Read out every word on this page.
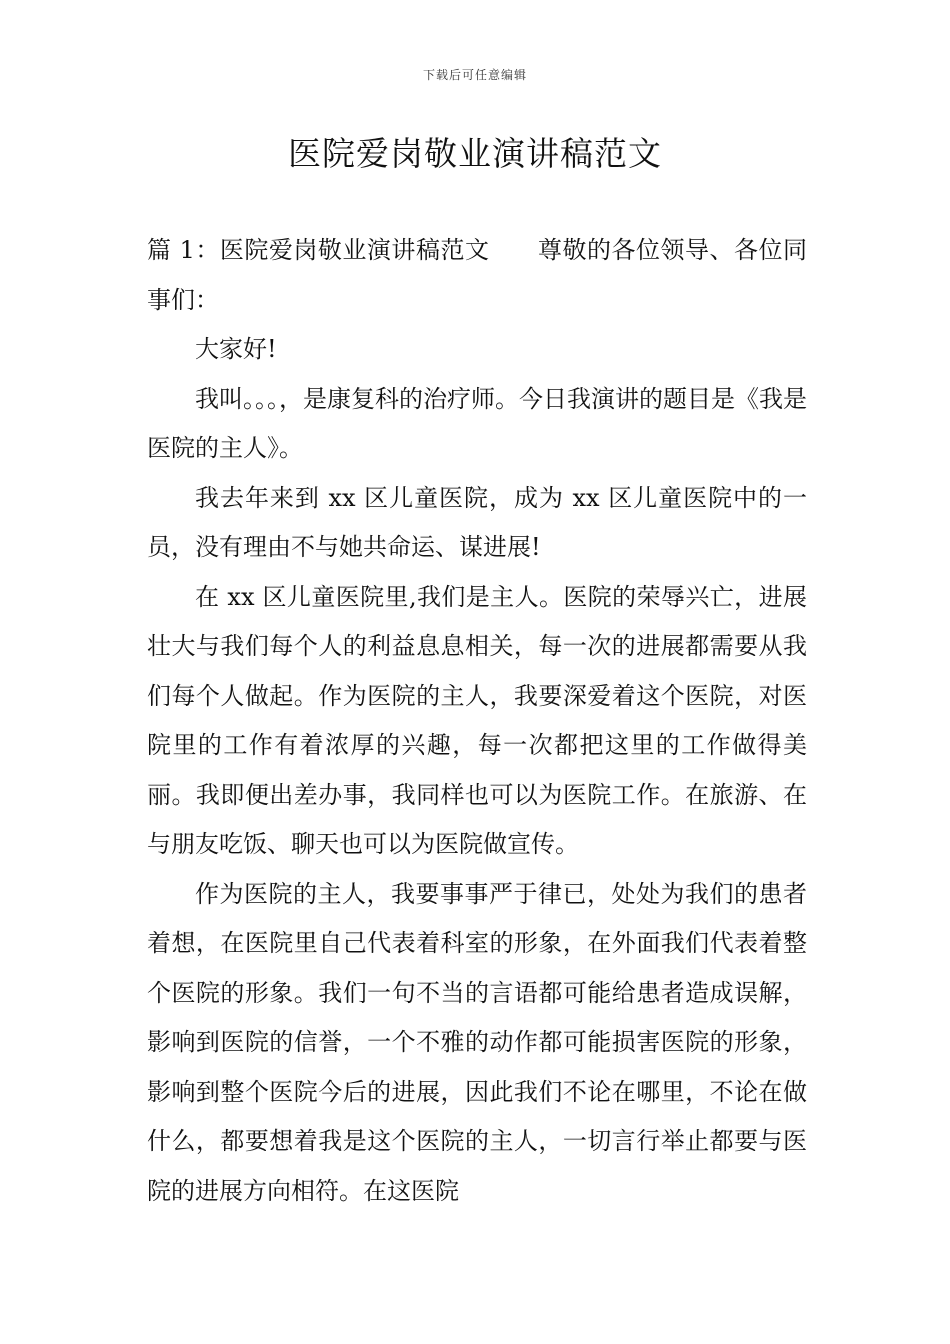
下载后可任意编辑
医院爱岗敬业演讲稿范文

篇 1：医院爱岗敬业演讲稿范文 尊敬的各位领导、各位同事们：

大家好!

我叫。。。，是康复科的治疗师。今日我演讲的题目是《我是医院的主人》。

我去年来到 xx 区儿童医院，成为 xx 区儿童医院中的一员，没有理由不与她共命运、谋进展!

在 xx 区儿童医院里,我们是主人。医院的荣辱兴亡，进展壮大与我们每个人的利益息息相关，每一次的进展都需要从我们每个人做起。作为医院的主人，我要深爱着这个医院，对医院里的工作有着浓厚的兴趣，每一次都把这里的工作做得美丽。我即便出差办事，我同样也可以为医院工作。在旅游、在与朋友吃饭、聊天也可以为医院做宣传。

作为医院的主人，我要事事严于律已，处处为我们的患者着想，在医院里自己代表着科室的形象，在外面我们代表着整个医院的形象。我们一句不当的言语都可能给患者造成误解，影响到医院的信誉，一个不雅的动作都可能损害医院的形象，影响到整个医院今后的进展，因此我们不论在哪里，不论在做什么，都要想着我是这个医院的主人，一切言行举止都要与医院的进展方向相符。在这医院
